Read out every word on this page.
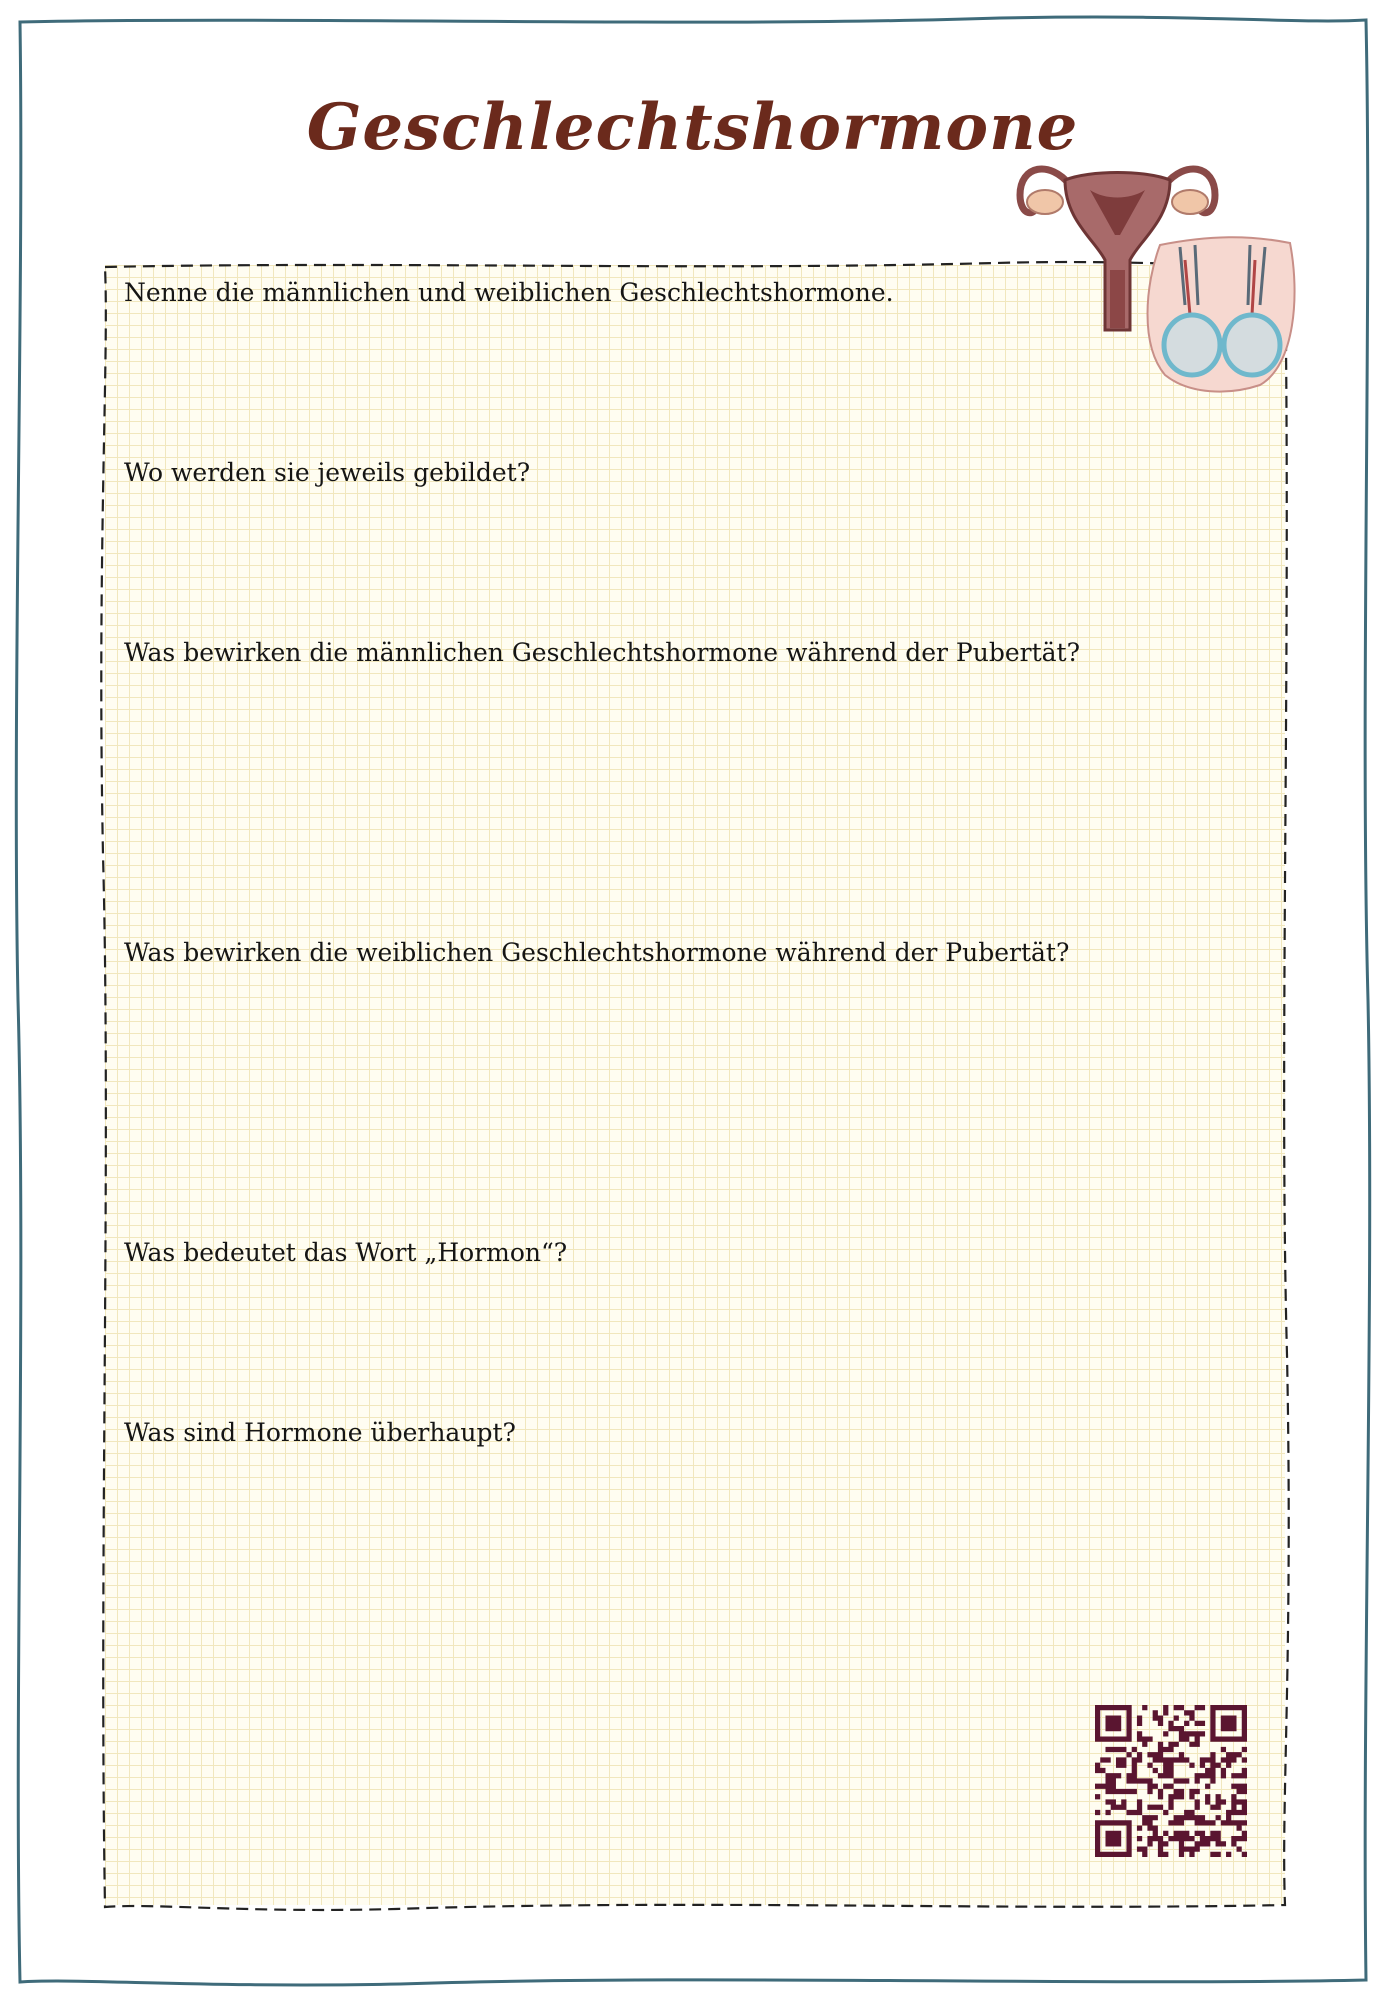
Geschlechtshormone
Nenne die männlichen und weiblichen Geschlechtshormone.
Wo werden sie jeweils gebildet?
Was bewirken die männlichen Geschlechtshormone während der Pubertät?
Was bewirken die weiblichen Geschlechtshormone während der Pubertät?
Was bedeutet das Wort „Hormon“?
Was sind Hormone überhaupt?
